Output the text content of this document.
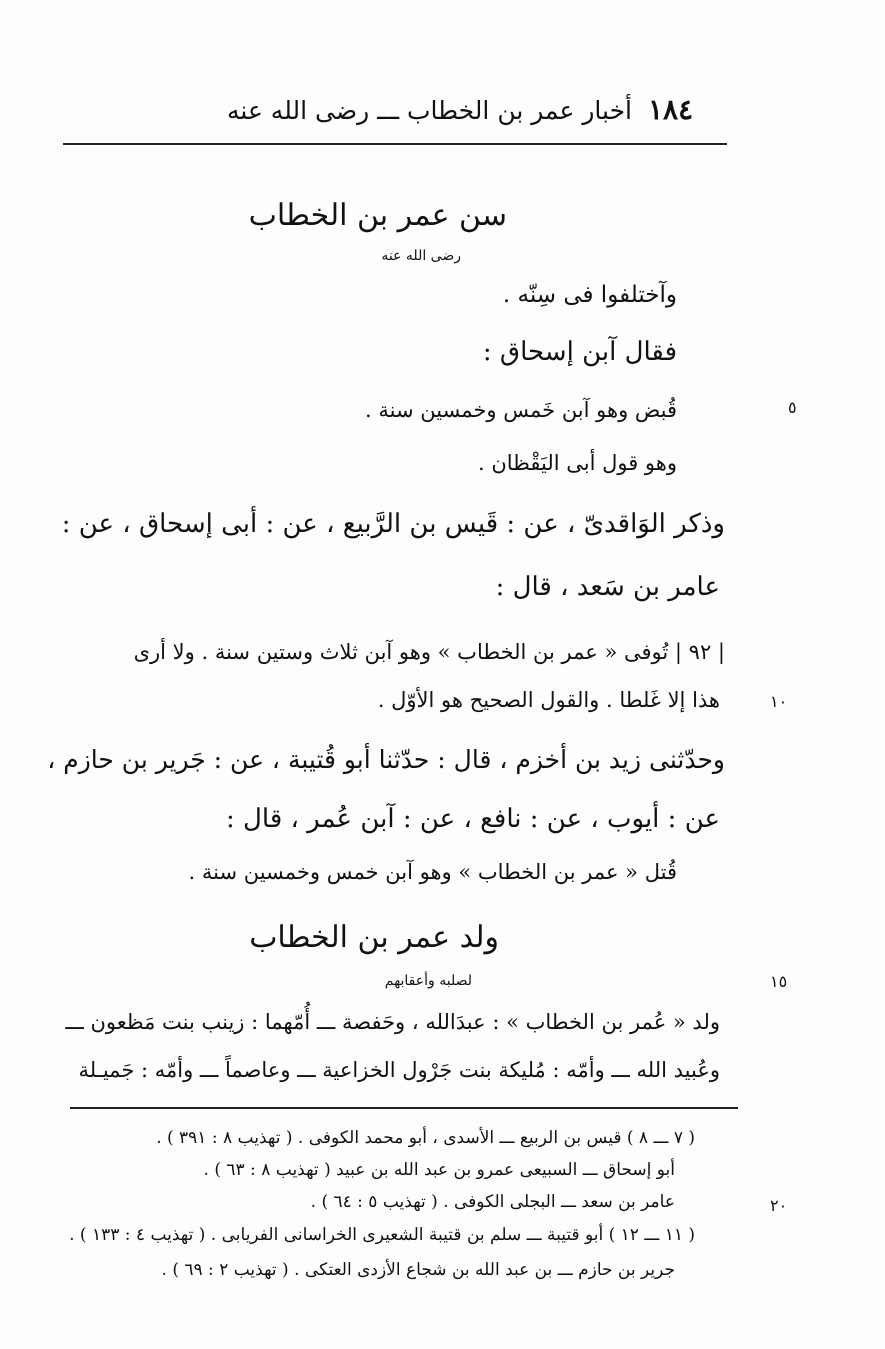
١٨٤
أخبار عمر بن الخطاب ـــ رضى الله عنه
سن عمر بن الخطاب
رضى الله عنه
وآختلفوا فى سِنّه .
فقال آبن إسحاق :
قُبض وهو آبن خَمس وخمسين سنة .
وهو قول أبى اليَقْظان .
وذكر الوَاقدىّ ، عن : قَيس بن الرَّبيع ، عن : أبى إسحاق ، عن :
عامر بن سَعد ، قال :
| ٩٢ | تُوفى « عمر بن الخطاب » وهو آبن ثلاث وستين سنة . ولا أرى
هذا إلا غَلطا . والقول الصحيح هو الأوّل .
وحدّثنى زيد بن أخزم ، قال : حدّثنا أبو قُتيبة ، عن : جَرير بن حازم ،
عن : أيوب ، عن : نافع ، عن : آبن عُمر ، قال :
قُتل « عمر بن الخطاب » وهو آبن خمس وخمسين سنة .
ولد عمر بن الخطاب
لصلبه وأعقابهم
ولد « عُمر بن الخطاب » : عبدَالله ، وحَفصة ـــ أُمّهما : زينب بنت مَظعون ـــ
وعُبيد الله ـــ وأمّه : مُليكة بنت جَرْول الخزاعية ـــ وعاصماً ـــ وأمّه : جَميـلة
٥
١٠
١٥
٢٠
( ٧ ـــ ٨ ) قيس بن الربيع ـــ الأسدى ، أبو محمد الكوفى . ( تهذيب ٨ : ٣٩١ ) .
أبو إسحاق ـــ السبيعى عمرو بن عبد الله بن عبيد ( تهذيب ٨ : ٦٣ ) .
عامر بن سعد ـــ البجلى الكوفى . ( تهذيب ٥ : ٦٤ ) .
( ١١ ـــ ١٢ ) أبو قتيبة ـــ سلم بن قتيبة الشعيرى الخراسانى الفريابى . ( تهذيب ٤ : ١٣٣ ) .
جرير بن حازم ـــ بن عبد الله بن شجاع الأزدى العتكى . ( تهذيب ٢ : ٦٩ ) .
